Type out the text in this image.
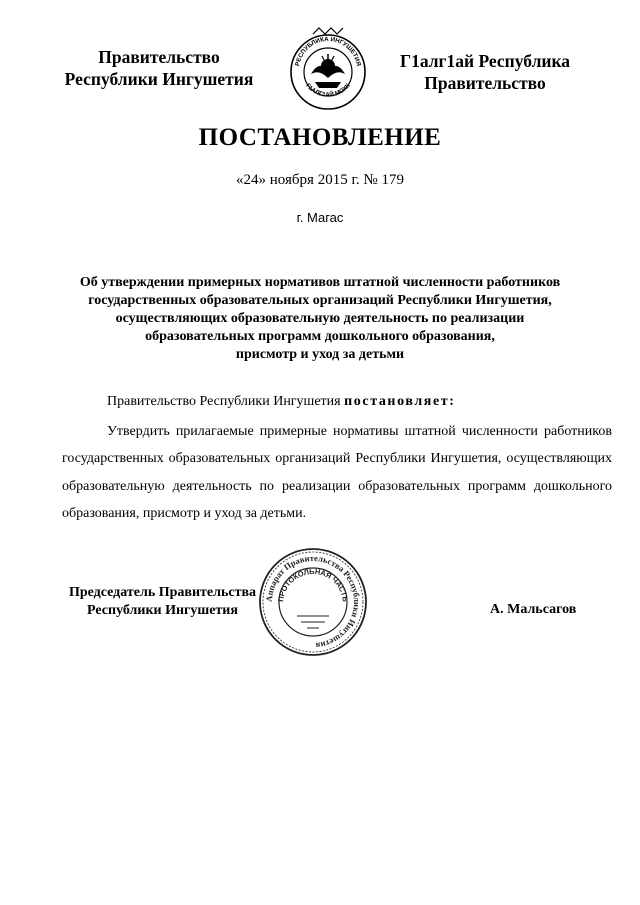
Правительство
Республики Ингушетия
РЕСПУБЛИКА ИНГУШЕТИЯ
Г1АЛГ1АЙ МОХК
Г1алг1ай Республика
Правительство
ПОСТАНОВЛЕНИЕ
«24» ноября 2015 г. № 179
г. Магас
Об утверждении примерных нормативов штатной численности работников
государственных образовательных организаций Республики Ингушетия,
осуществляющих образовательную деятельность по реализации
образовательных программ дошкольного образования,
присмотр и уход за детьми
Правительство Республики Ингушетия постановляет:
Утвердить прилагаемые примерные нормативы штатной численности работников государственных образовательных организаций Республики Ингушетия, осуществляющих образовательную деятельность по реализации образовательных программ дошкольного образования, присмотр и уход за детьми.
Председатель Правительства
Республики Ингушетия
Аппарат Правительства Республики Ингушетия
ПРОТОКОЛЬНАЯ ЧАСТЬ
А. Мальсагов
